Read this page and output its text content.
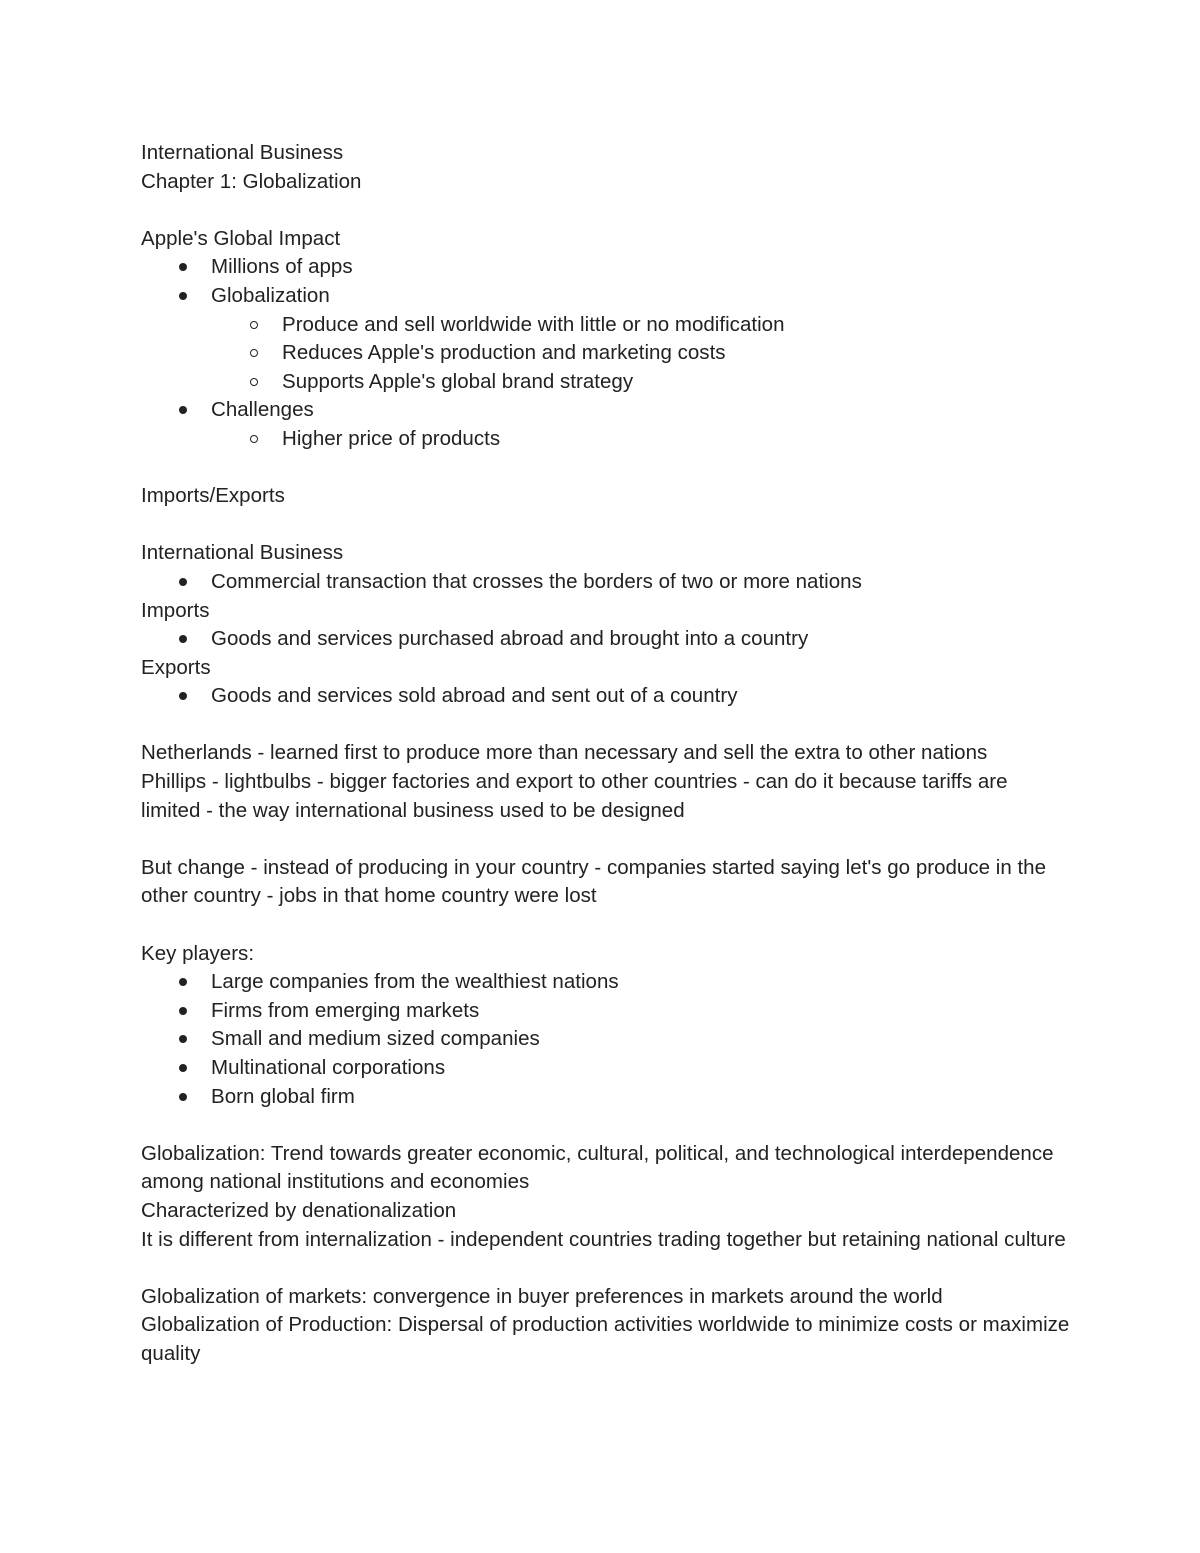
International Business
Chapter 1: Globalization
Apple's Global Impact
Millions of apps
Globalization
Produce and sell worldwide with little or no modification
Reduces Apple's production and marketing costs
Supports Apple's global brand strategy
Challenges
Higher price of products
Imports/Exports
International Business
Commercial transaction that crosses the borders of two or more nations
Imports
Goods and services purchased abroad and brought into a country
Exports
Goods and services sold abroad and sent out of a country
Netherlands - learned first to produce more than necessary and sell the extra to other nations
Phillips - lightbulbs - bigger factories and export to other countries - can do it because tariffs are limited - the way international business used to be designed
But change - instead of producing in your country - companies started saying let's go produce in the other country - jobs in that home country were lost
Key players:
Large companies from the wealthiest nations
Firms from emerging markets
Small and medium sized companies
Multinational corporations
Born global firm
Globalization: Trend towards greater economic, cultural, political, and technological interdependence among national institutions and economies
Characterized by denationalization
It is different from internalization - independent countries trading together but retaining national culture
Globalization of markets: convergence in buyer preferences in markets around the world
Globalization of Production: Dispersal of production activities worldwide to minimize costs or maximize quality
